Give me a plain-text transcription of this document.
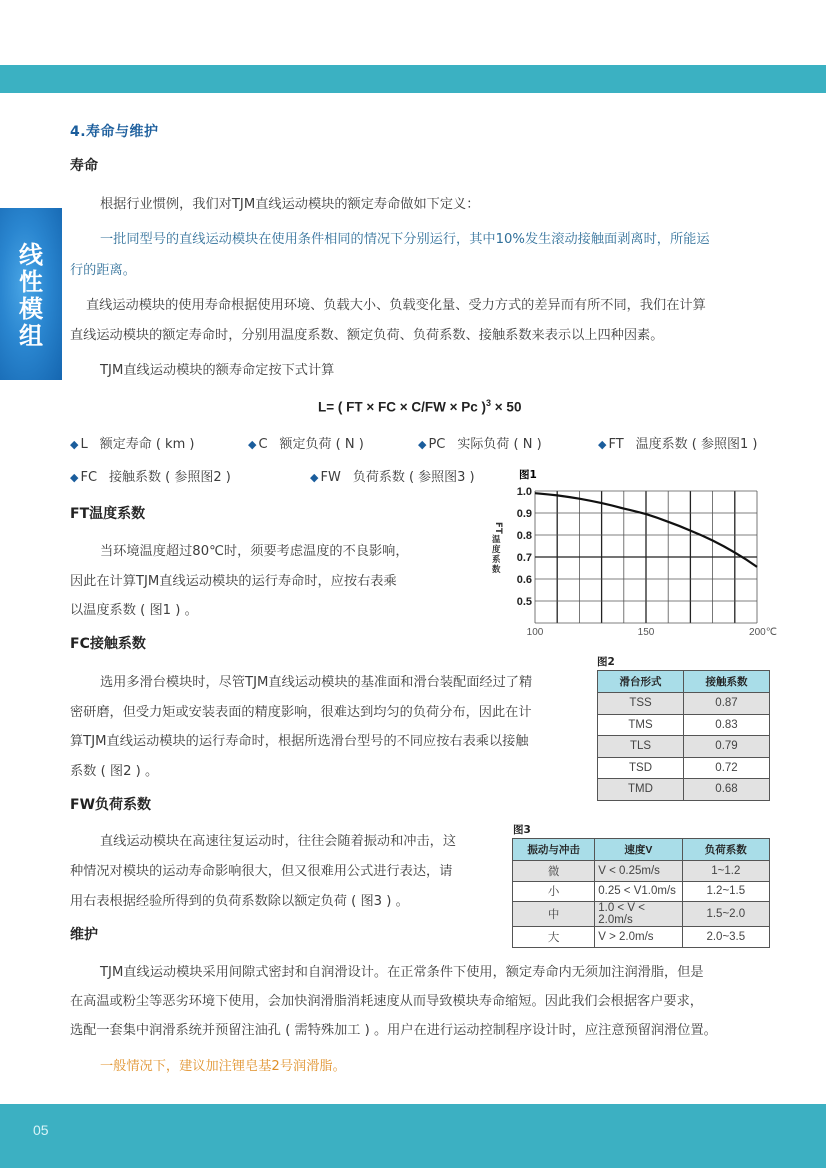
线
性
模
组
4.寿命与维护
寿命
根据行业惯例，我们对TJM直线运动模块的额定寿命做如下定义：
一批同型号的直线运动模块在使用条件相同的情况下分别运行，其中10%发生滚动接触面剥离时，所能运
行的距离。
直线运动模块的使用寿命根据使用环境、负载大小、负载变化量、受力方式的差异而有所不同，我们在计算
直线运动模块的额定寿命时，分别用温度系数、额定负荷、负荷系数、接触系数来表示以上四种因素。
TJM直线运动模块的额寿命定按下式计算
L= ( FT × FC × C/FW × Pc )$^3$ × 50
◆ L 额定寿命 ( km )	◆ C 额定负荷 ( N )	◆ PC 实际负荷 ( N )	◆ FT 温度系数 ( 参照图1 )
◆ FC 接触系数 ( 参照图2 )	◆ FW 负荷系数 ( 参照图3 )
FT温度系数
当环境温度超过80℃时，须要考虑温度的不良影响，
因此在计算TJM直线运动模块的运行寿命时，应按右表乘
以温度系数 ( 图1 ) 。
图1
1.0
0.9
0.8
0.7
0.6
0.5
100	150	200℃
F
T
温
度
系
数
FC接触系数
选用多滑台模块时，尽管TJM直线运动模块的基准面和滑台装配面经过了精
密研磨，但受力矩或安装表面的精度影响，很难达到均匀的负荷分布，因此在计
算TJM直线运动模块的运行寿命时，根据所选滑台型号的不同应按右表乘以接触
系数 ( 图2 ) 。
图2
滑台形式	接触系数
TSS	0.87
TMS	0.83
TLS	0.79
TSD	0.72
TMD	0.68
FW负荷系数
直线运动模块在高速往复运动时，往往会随着振动和冲击，这
种情况对模块的运动寿命影响很大，但又很难用公式进行表达，请
用右表根据经验所得到的负荷系数除以额定负荷 ( 图3 ) 。
图3
振动与冲击	速度V	负荷系数
微	V < 0.25m/s	1~1.2
小	0.25 < V1.0m/s	1.2~1.5
中	1.0 < V < 2.0m/s	1.5~2.0
大	V > 2.0m/s	2.0~3.5
维护
TJM直线运动模块采用间隙式密封和自润滑设计。在正常条件下使用，额定寿命内无须加注润滑脂，但是
在高温或粉尘等恶劣环境下使用，会加快润滑脂消耗速度从而导致模块寿命缩短。因此我们会根据客户要求，
选配一套集中润滑系统并预留注油孔 ( 需特殊加工 ) 。用户在进行运动控制程序设计时，应注意预留润滑位置。
一般情况下，建议加注锂皂基2号润滑脂。
05
